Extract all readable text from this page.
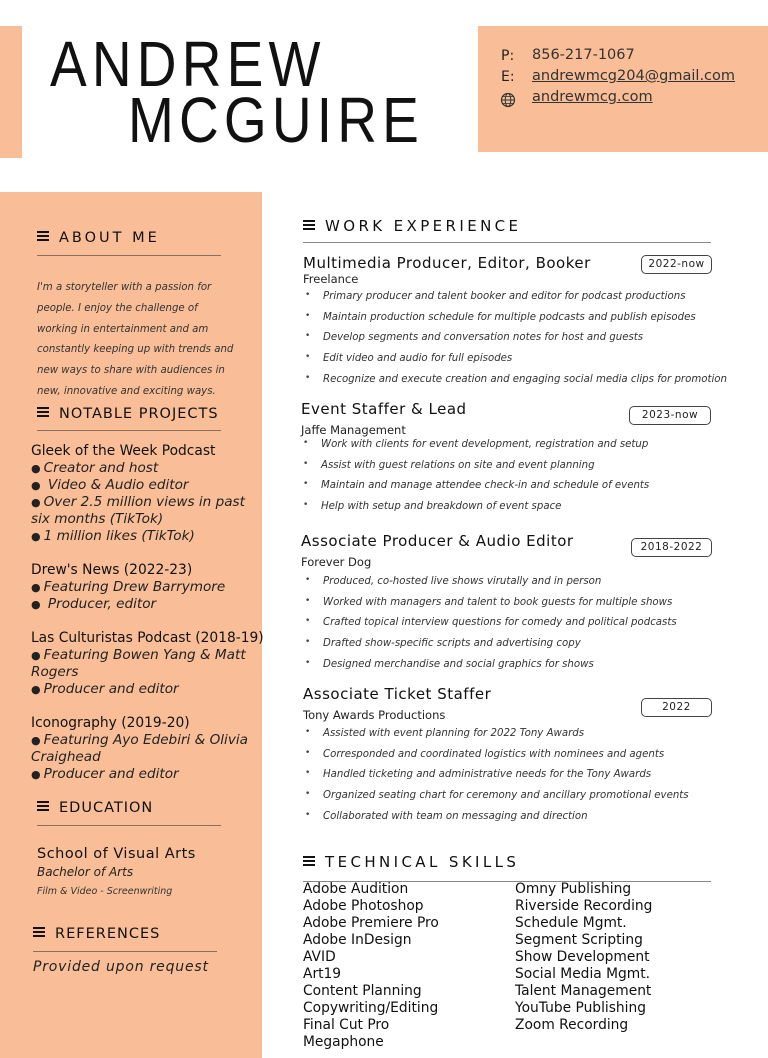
ANDREW
MCGUIRE
P: 856-217-1067
E: andrewmcg204@gmail.com
andrewmcg.com
ABOUT ME
I'm a storyteller with a passion for people. I enjoy the challenge of working in entertainment and am constantly keeping up with trends and new ways to share with audiences in new, innovative and exciting ways.
NOTABLE PROJECTS
Gleek of the Week Podcast
● Creator and host
● Video & Audio editor
● Over 2.5 million views in past six months (TikTok)
● 1 million likes (TikTok)
Drew's News (2022-23)
● Featuring Drew Barrymore
● Producer, editor
Las Culturistas Podcast (2018-19)
● Featuring Bowen Yang & Matt Rogers
● Producer and editor
Iconography (2019-20)
● Featuring Ayo Edebiri & Olivia Craighead
● Producer and editor
EDUCATION
School of Visual Arts
Bachelor of Arts
Film & Video - Screenwriting
REFERENCES
Provided upon request
WORK EXPERIENCE
Multimedia Producer, Editor, Booker
Freelance
2022-now
• Primary producer and talent booker and editor for podcast productions
• Maintain production schedule for multiple podcasts and publish episodes
• Develop segments and conversation notes for host and guests
• Edit video and audio for full episodes
• Recognize and execute creation and engaging social media clips for promotion
Event Staffer & Lead
Jaffe Management
2023-now
• Work with clients for event development, registration and setup
• Assist with guest relations on site and event planning
• Maintain and manage attendee check-in and schedule of events
• Help with setup and breakdown of event space
Associate Producer & Audio Editor
Forever Dog
2018-2022
• Produced, co-hosted live shows virutally and in person
• Worked with managers and talent to book guests for multiple shows
• Crafted topical interview questions for comedy and political podcasts
• Drafted show-specific scripts and advertising copy
• Designed merchandise and social graphics for shows
Associate Ticket Staffer
Tony Awards Productions
2022
• Assisted with event planning for 2022 Tony Awards
• Corresponded and coordinated logistics with nominees and agents
• Handled ticketing and administrative needs for the Tony Awards
• Organized seating chart for ceremony and ancillary promotional events
• Collaborated with team on messaging and direction
TECHNICAL SKILLS
Adobe Audition
Adobe Photoshop
Adobe Premiere Pro
Adobe InDesign
AVID
Art19
Content Planning
Copywriting/Editing
Final Cut Pro
Megaphone
Omny Publishing
Riverside Recording
Schedule Mgmt.
Segment Scripting
Show Development
Social Media Mgmt.
Talent Management
YouTube Publishing
Zoom Recording
